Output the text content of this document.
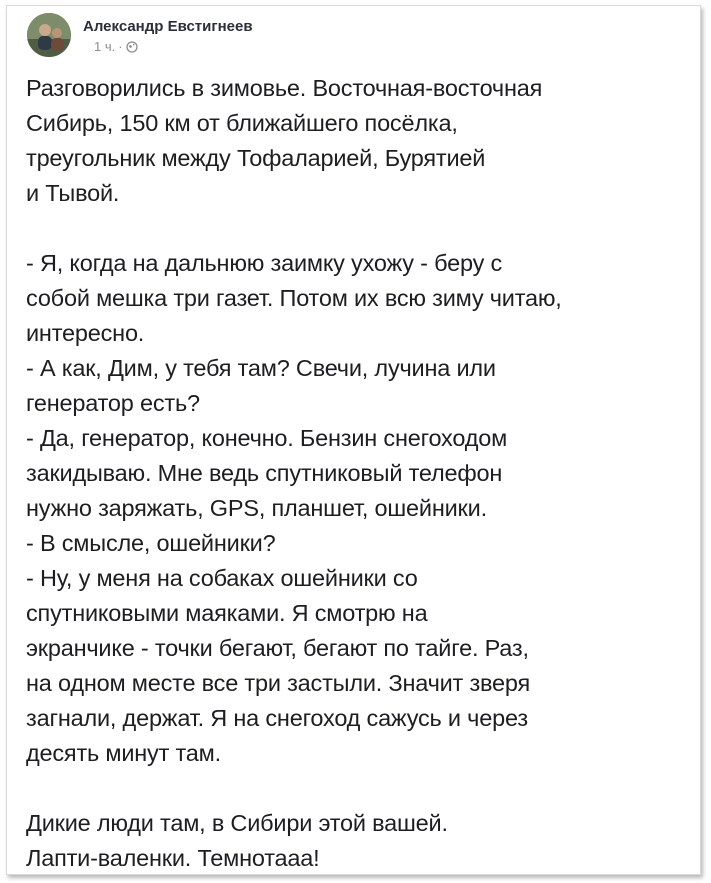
Александр Евстигнеев
1 ч. ·
Разговорились в зимовье. Восточная-восточная
Сибирь, 150 км от ближайшего посёлка,
треугольник между Тофаларией, Бурятией
и Тывой.
- Я, когда на дальнюю заимку ухожу - беру с
собой мешка три газет. Потом их всю зиму читаю,
интересно.
- А как, Дим, у тебя там? Свечи, лучина или
генератор есть?
- Да, генератор, конечно. Бензин снегоходом
закидываю. Мне ведь спутниковый телефон
нужно заряжать, GPS, планшет, ошейники.
- В смысле, ошейники?
- Ну, у меня на собаках ошейники со
спутниковыми маяками. Я смотрю на
экранчике - точки бегают, бегают по тайге. Раз,
на одном месте все три застыли. Значит зверя
загнали, держат. Я на снегоход сажусь и через
десять минут там.
Дикие люди там, в Сибири этой вашей.
Лапти-валенки. Темнотааа!
